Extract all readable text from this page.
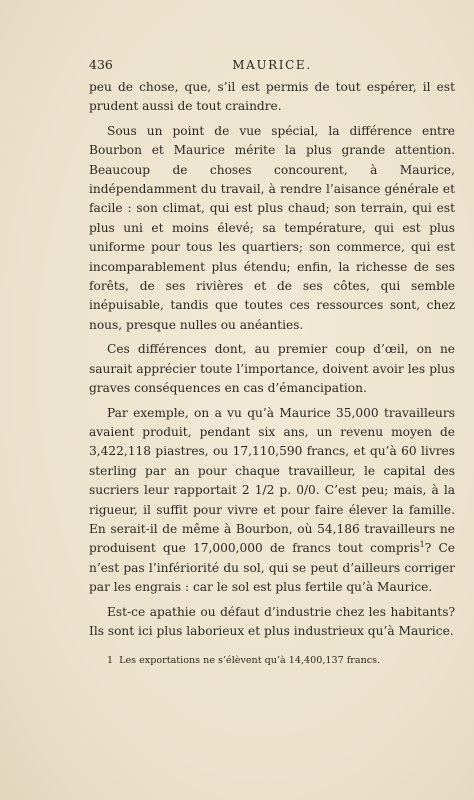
436	MAURICE.

peu de chose, que, s’il est permis de tout espérer, il est prudent aussi de tout craindre.

Sous un point de vue spécial, la différence entre Bourbon et Maurice mérite la plus grande attention. Beaucoup de choses concourent, à Maurice, indépendamment du travail, à rendre l’aisance générale et facile : son climat, qui est plus chaud; son terrain, qui est plus uni et moins élevé; sa température, qui est plus uniforme pour tous les quartiers; son commerce, qui est incomparablement plus étendu; enfin, la richesse de ses forêts, de ses rivières et de ses côtes, qui semble inépuisable, tandis que toutes ces ressources sont, chez nous, presque nulles ou anéanties.

Ces différences dont, au premier coup d’œil, on ne saurait apprécier toute l’importance, doivent avoir les plus graves conséquences en cas d’émancipation.

Par exemple, on a vu qu’à Maurice 35,000 travailleurs avaient produit, pendant six ans, un revenu moyen de 3,422,118 piastres, ou 17,110,590 francs, et qu’à 60 livres sterling par an pour chaque travailleur, le capital des sucriers leur rapportait 2 1/2 p. 0/0. C’est peu; mais, à la rigueur, il suffit pour vivre et pour faire élever la famille. En serait-il de même à Bourbon, où 54,186 travailleurs ne produisent que 17,000,000 de francs tout compris$^1$? Ce n’est pas l’infériorité du sol, qui se peut d’ailleurs corriger par les engrais : car le sol est plus fertile qu’à Maurice.

Est-ce apathie ou défaut d’industrie chez les habitants? Ils sont ici plus laborieux et plus industrieux qu’à Maurice.

1 Les exportations ne s’élèvent qu’à 14,400,137 francs.
